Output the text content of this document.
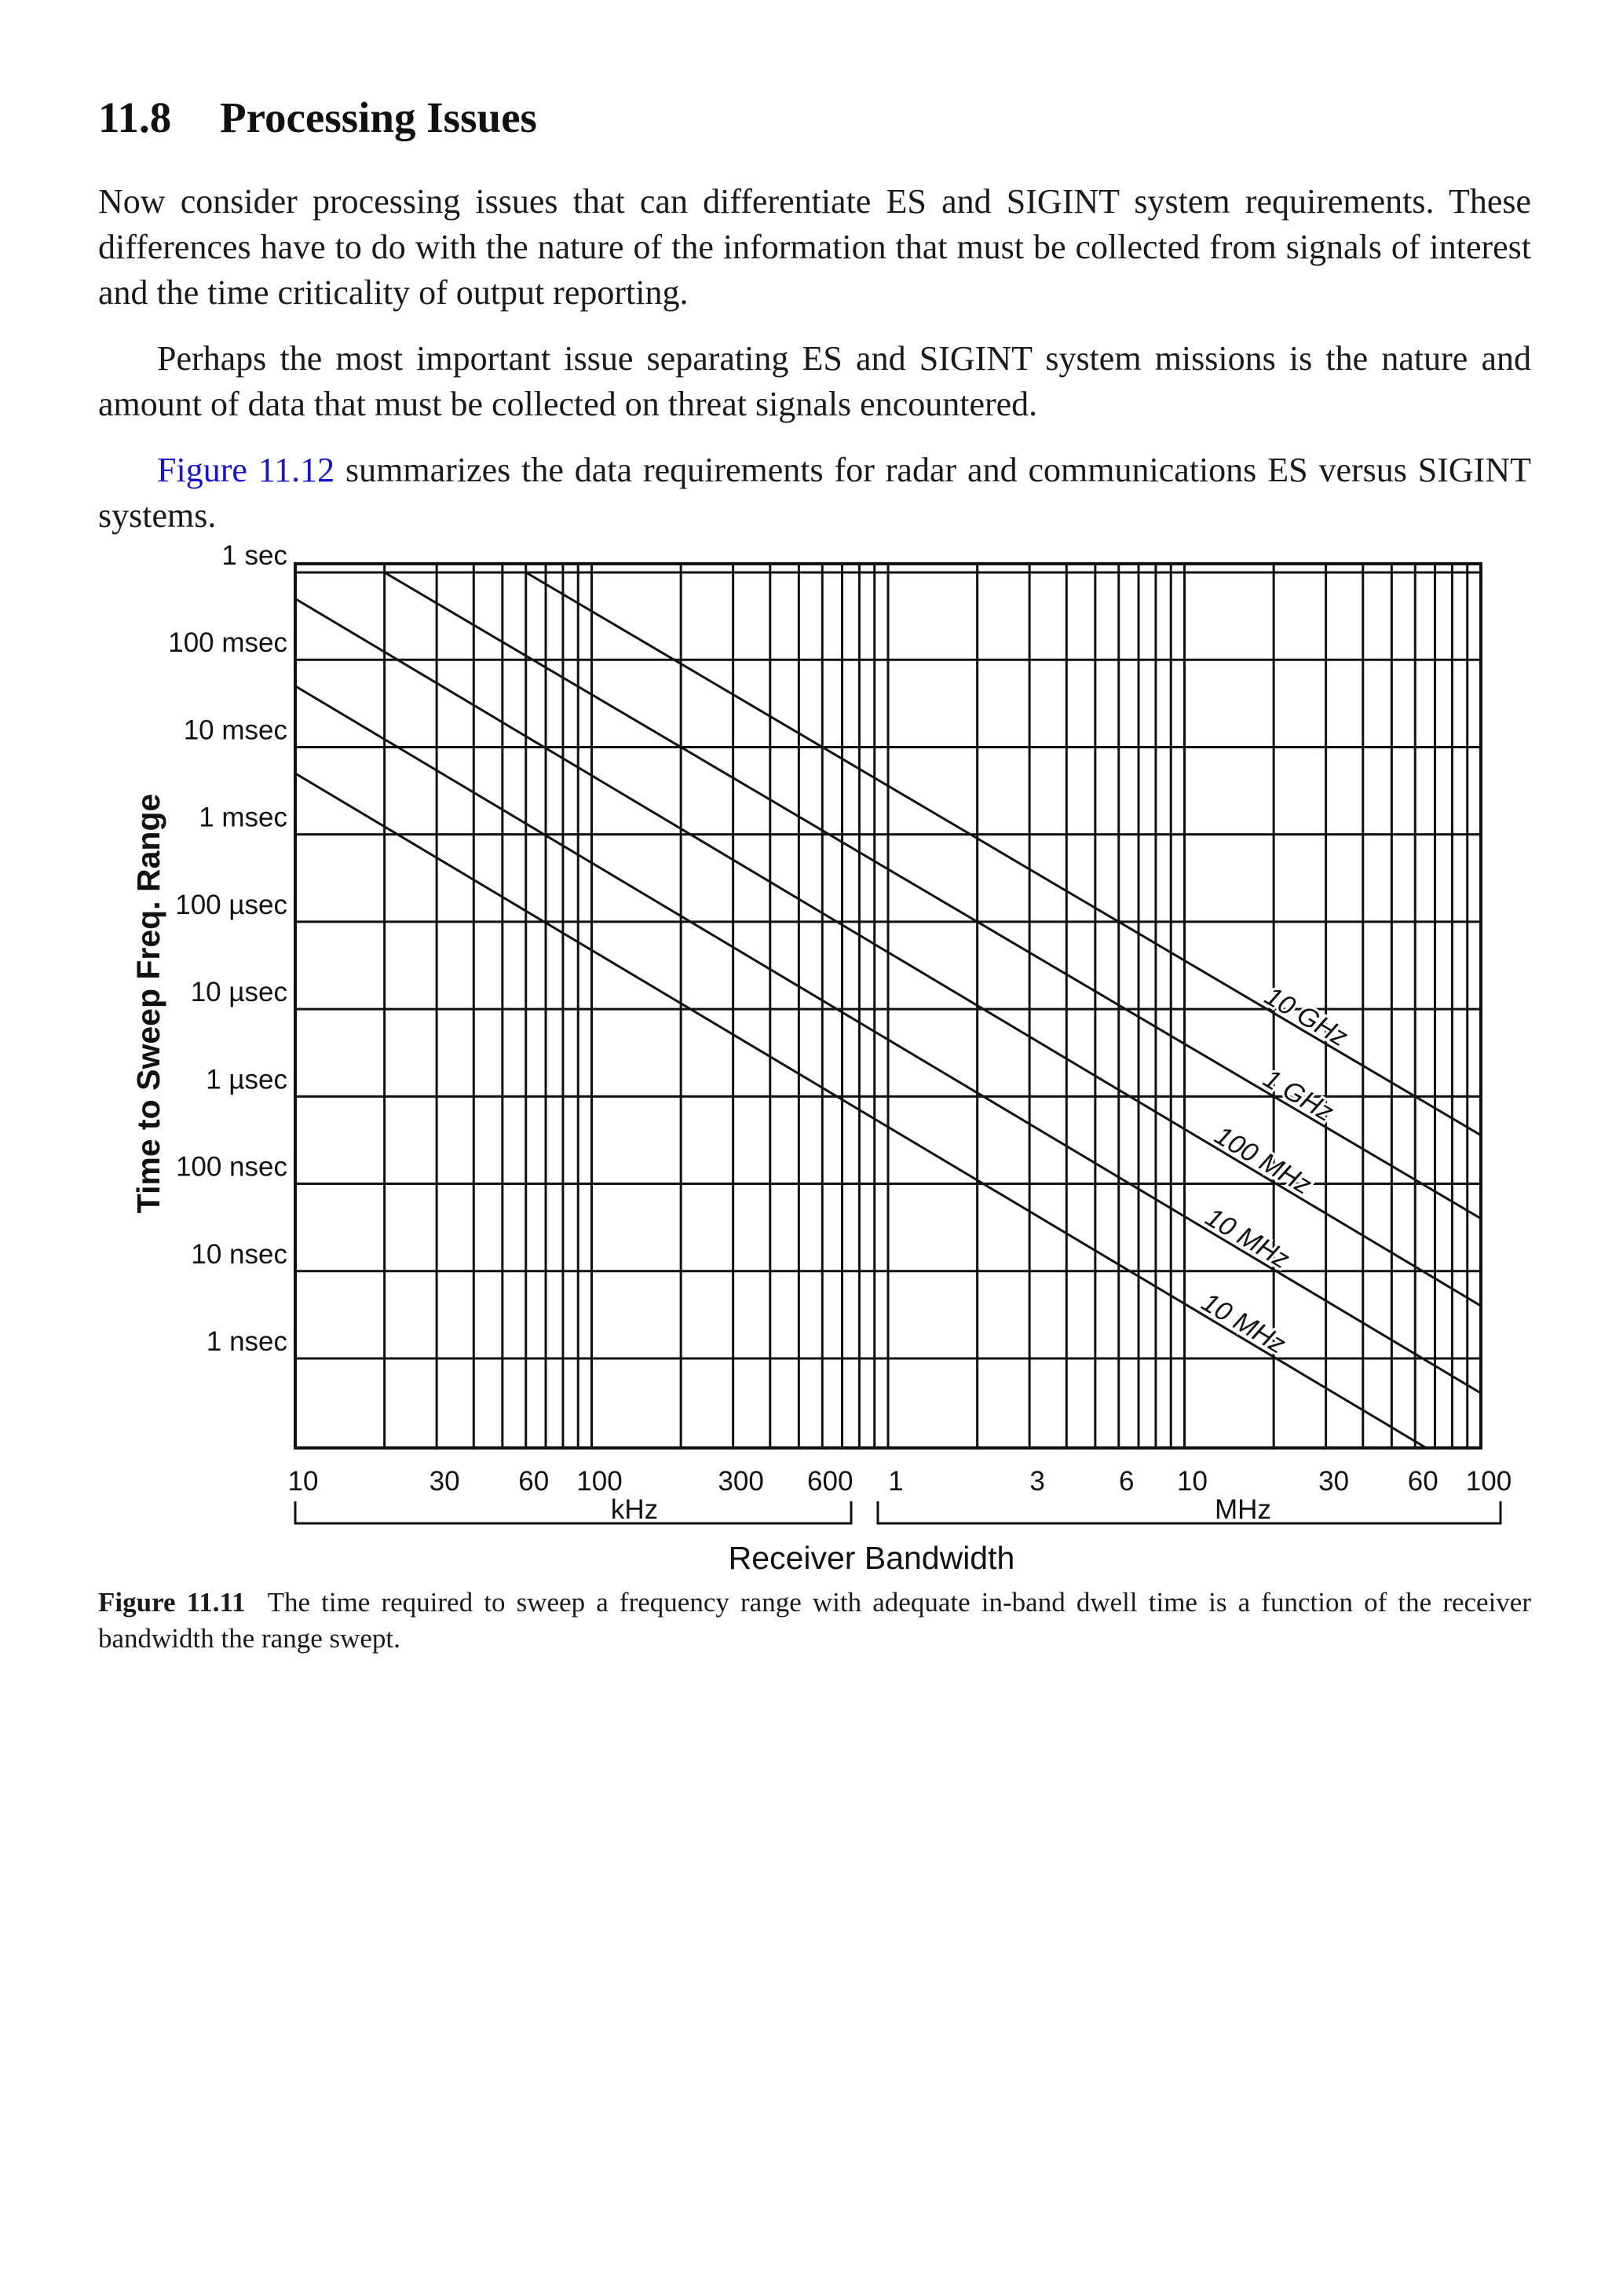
11.8 Processing Issues

Now consider processing issues that can differentiate ES and SIGINT system requirements. These differences have to do with the nature of the information that must be collected from signals of interest and the time criticality of output reporting.

Perhaps the most important issue separating ES and SIGINT system missions is the nature and amount of data that must be collected on threat signals encountered.

Figure 11.12 summarizes the data requirements for radar and communications ES versus SIGINT systems.

10 GHz
1 GHz
100 MHz
10 MHz
10 MHz
1 sec
100 msec
10 msec
1 msec
100 µsec
10 µsec
1 µsec
100 nsec
10 nsec
1 nsec
10	30 60 100	300 600 1	3	6 10	30 60 100
kHz	MHz
Receiver Bandwidth
Time to Sweep Freq. Range

Figure 11.11 The time required to sweep a frequency range with adequate in-band dwell time is a function of the receiver bandwidth the range swept.
